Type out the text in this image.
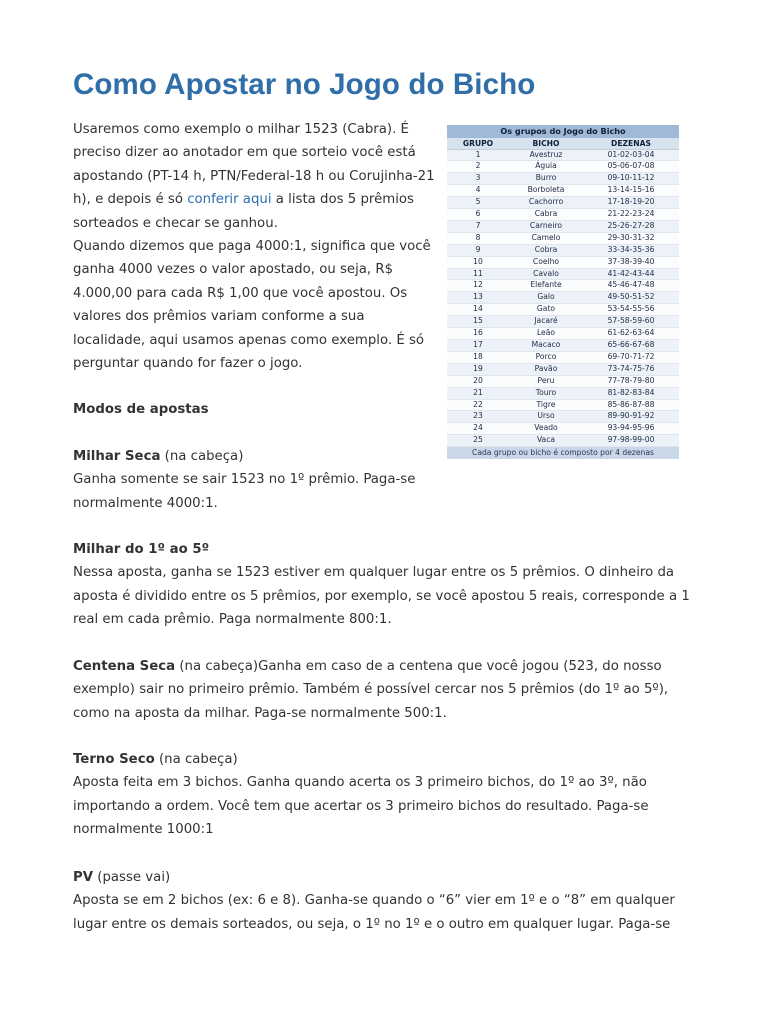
Como Apostar no Jogo do Bicho

Usaremos como exemplo o milhar 1523 (Cabra). É preciso dizer ao anotador em que sorteio você está apostando (PT-14 h, PTN/Federal-18 h ou Corujinha-21 h), e depois é só conferir aqui a lista dos 5 prêmios sorteados e checar se ganhou.

Quando dizemos que paga 4000:1, significa que você ganha 4000 vezes o valor apostado, ou seja, R$ 4.000,00 para cada R$ 1,00 que você apostou. Os valores dos prêmios variam conforme a sua localidade, aqui usamos apenas como exemplo. É só perguntar quando for fazer o jogo.

Os grupos do Jogo do Bicho		
GRUPO	BICHO	DEZENAS
1	Avestruz	01-02-03-04
2	Águia	05-06-07-08
3	Burro	09-10-11-12
4	Borboleta	13-14-15-16
5	Cachorro	17-18-19-20
6	Cabra	21-22-23-24
7	Carneiro	25-26-27-28
8	Camelo	29-30-31-32
9	Cobra	33-34-35-36
10	Coelho	37-38-39-40
11	Cavalo	41-42-43-44
12	Elefante	45-46-47-48
13	Galo	49-50-51-52
14	Gato	53-54-55-56
15	Jacaré	57-58-59-60
16	Leão	61-62-63-64
17	Macaco	65-66-67-68
18	Porco	69-70-71-72
19	Pavão	73-74-75-76
20	Peru	77-78-79-80
21	Touro	81-82-83-84
22	Tigre	85-86-87-88
23	Urso	89-90-91-92
24	Veado	93-94-95-96
25	Vaca	97-98-99-00
Cada grupo ou bicho é composto por 4 dezenas		

Modos de apostas

Milhar Seca (na cabeça)

Ganha somente se sair 1523 no 1º prêmio. Paga-se normalmente 4000:1.

Milhar do 1º ao 5º

Nessa aposta, ganha se 1523 estiver em qualquer lugar entre os 5 prêmios. O dinheiro da aposta é dividido entre os 5 prêmios, por exemplo, se você apostou 5 reais, corresponde a 1 real em cada prêmio. Paga normalmente 800:1.

Centena Seca (na cabeça)Ganha em caso de a centena que você jogou (523, do nosso exemplo) sair no primeiro prêmio. Também é possível cercar nos 5 prêmios (do 1º ao 5º), como na aposta da milhar. Paga-se normalmente 500:1.

Terno Seco (na cabeça)

Aposta feita em 3 bichos. Ganha quando acerta os 3 primeiro bichos, do 1º ao 3º, não importando a ordem. Você tem que acertar os 3 primeiro bichos do resultado. Paga-se normalmente 1000:1

PV (passe vai)

Aposta se em 2 bichos (ex: 6 e 8). Ganha-se quando o “6” vier em 1º e o “8” em qualquer lugar entre os demais sorteados, ou seja, o 1º no 1º e o outro em qualquer lugar. Paga-se
